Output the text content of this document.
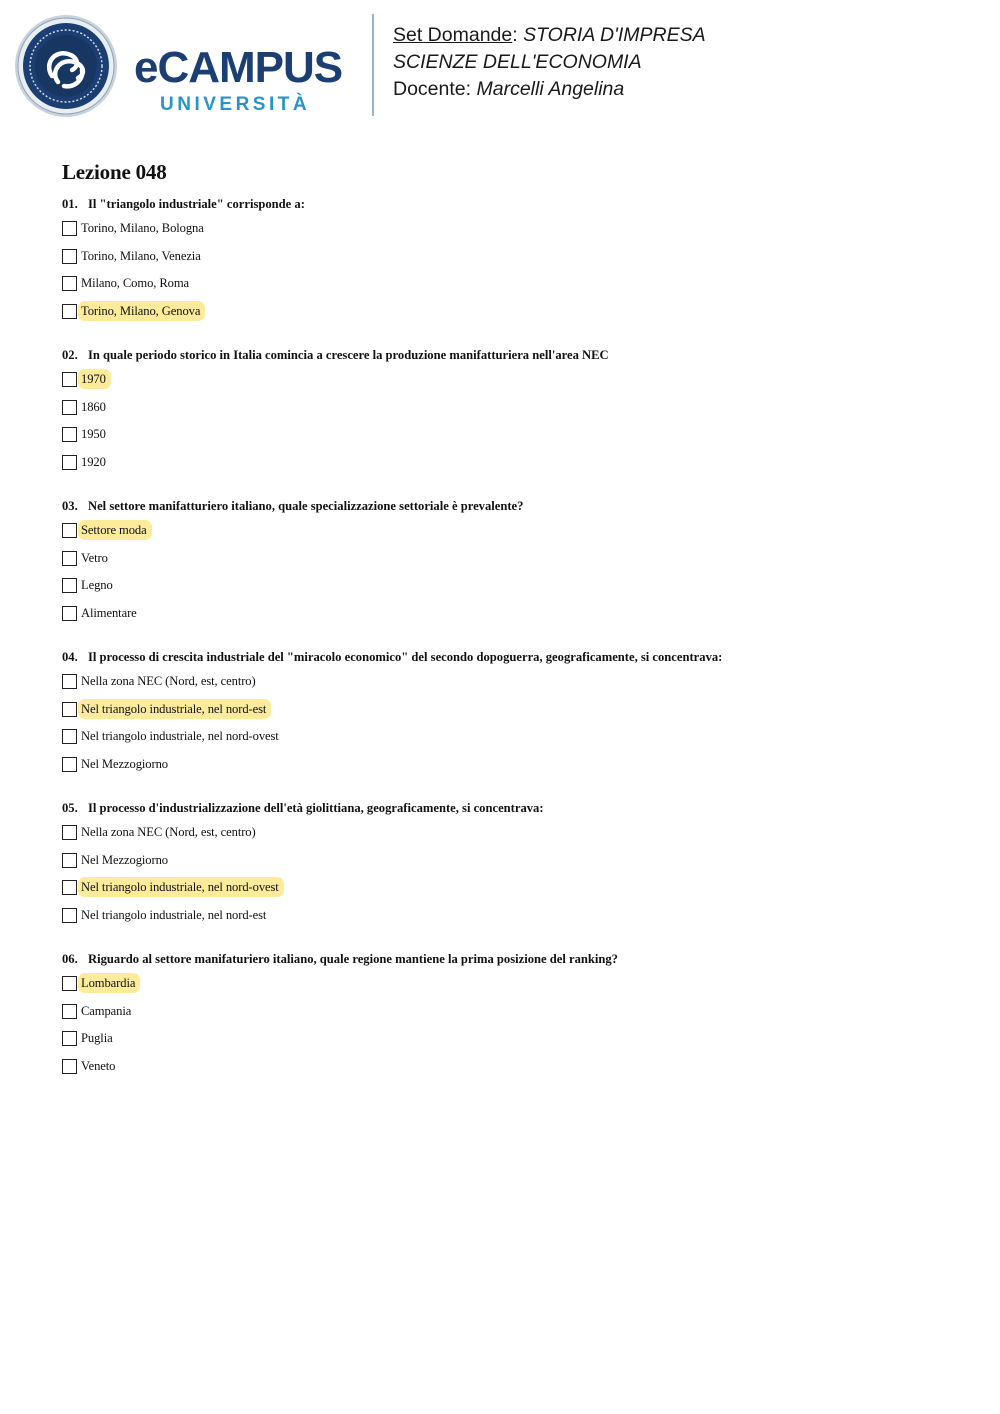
eCAMPUS
UNIVERSITÀ
Set Domande: STORIA D'IMPRESA
SCIENZE DELL'ECONOMIA
Docente: Marcelli Angelina
Lezione 048
01. Il "triangolo industriale" corrisponde a:
Torino, Milano, Bologna
Torino, Milano, Venezia
Milano, Como, Roma
Torino, Milano, Genova
02. In quale periodo storico in Italia comincia a crescere la produzione manifatturiera nell'area NEC
1970
1860
1950
1920
03. Nel settore manifatturiero italiano, quale specializzazione settoriale è prevalente?
Settore moda
Vetro
Legno
Alimentare
04. Il processo di crescita industriale del "miracolo economico" del secondo dopoguerra, geograficamente, si concentrava:
Nella zona NEC (Nord, est, centro)
Nel triangolo industriale, nel nord-est
Nel triangolo industriale, nel nord-ovest
Nel Mezzogiorno
05. Il processo d'industrializzazione dell'età giolittiana, geograficamente, si concentrava:
Nella zona NEC (Nord, est, centro)
Nel Mezzogiorno
Nel triangolo industriale, nel nord-ovest
Nel triangolo industriale, nel nord-est
06. Riguardo al settore manifaturiero italiano, quale regione mantiene la prima posizione del ranking?
Lombardia
Campania
Puglia
Veneto
